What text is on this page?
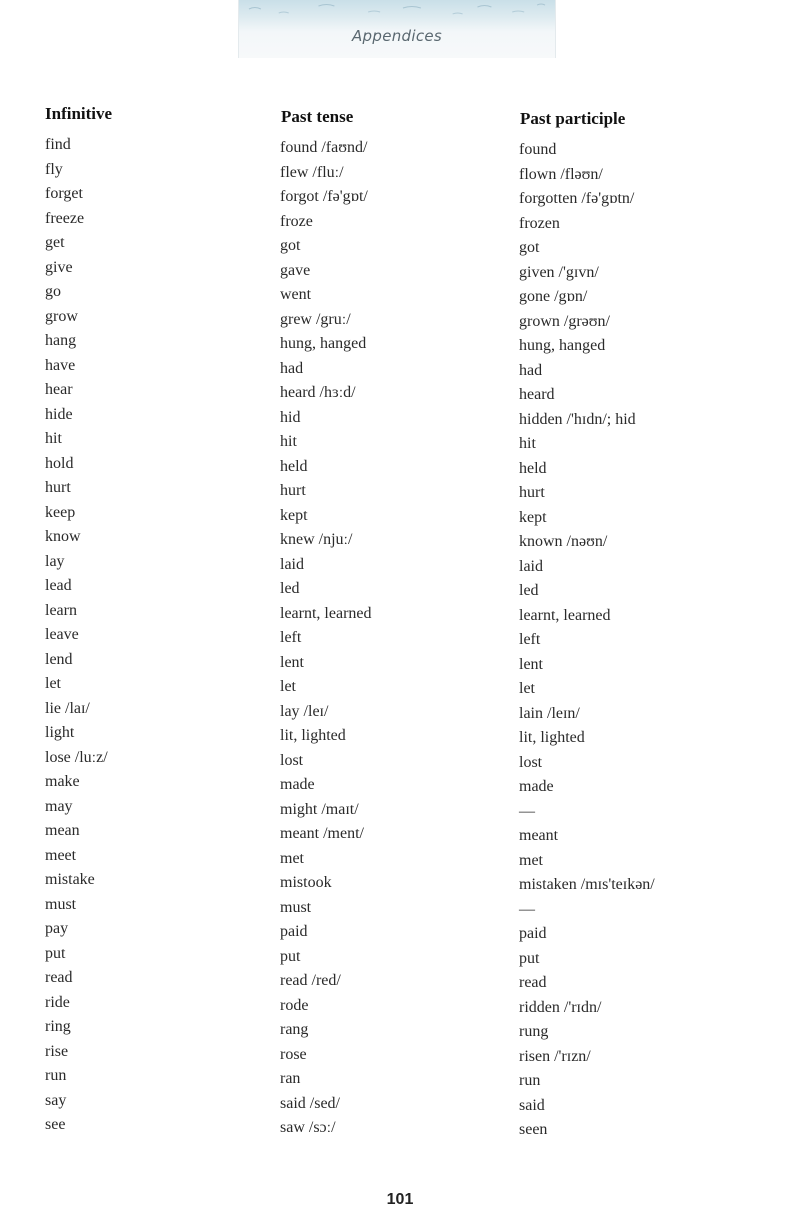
Appendices
Infinitive	Past tense	Past participle
find	found /faʊnd/	found
fly	flew /fluː/	flown /fləʊn/
forget	forgot /fə'gɒt/	forgotten /fə'gɒtn/
freeze	froze	frozen
get	got	got
give	gave	given /'gɪvn/
go	went	gone /gɒn/
grow	grew /gruː/	grown /grəʊn/
hang	hung, hanged	hung, hanged
have	had	had
hear	heard /hɜːd/	heard
hide	hid	hidden /'hɪdn/; hid
hit	hit	hit
hold	held	held
hurt	hurt	hurt
keep	kept	kept
know	knew /njuː/	known /nəʊn/
lay	laid	laid
lead	led	led
learn	learnt, learned	learnt, learned
leave	left	left
lend	lent	lent
let	let	let
lie /laɪ/	lay /leɪ/	lain /leɪn/
light	lit, lighted	lit, lighted
lose /luːz/	lost	lost
make	made	made
may	might /maɪt/	—
mean	meant /ment/	meant
meet	met	met
mistake	mistook	mistaken /mɪs'teɪkən/
must	must	—
pay	paid	paid
put	put	put
read	read /red/	read
ride	rode	ridden /'rɪdn/
ring	rang	rung
rise	rose	risen /'rɪzn/
run	ran	run
say	said /sed/	said
see	saw /sɔː/	seen
101
